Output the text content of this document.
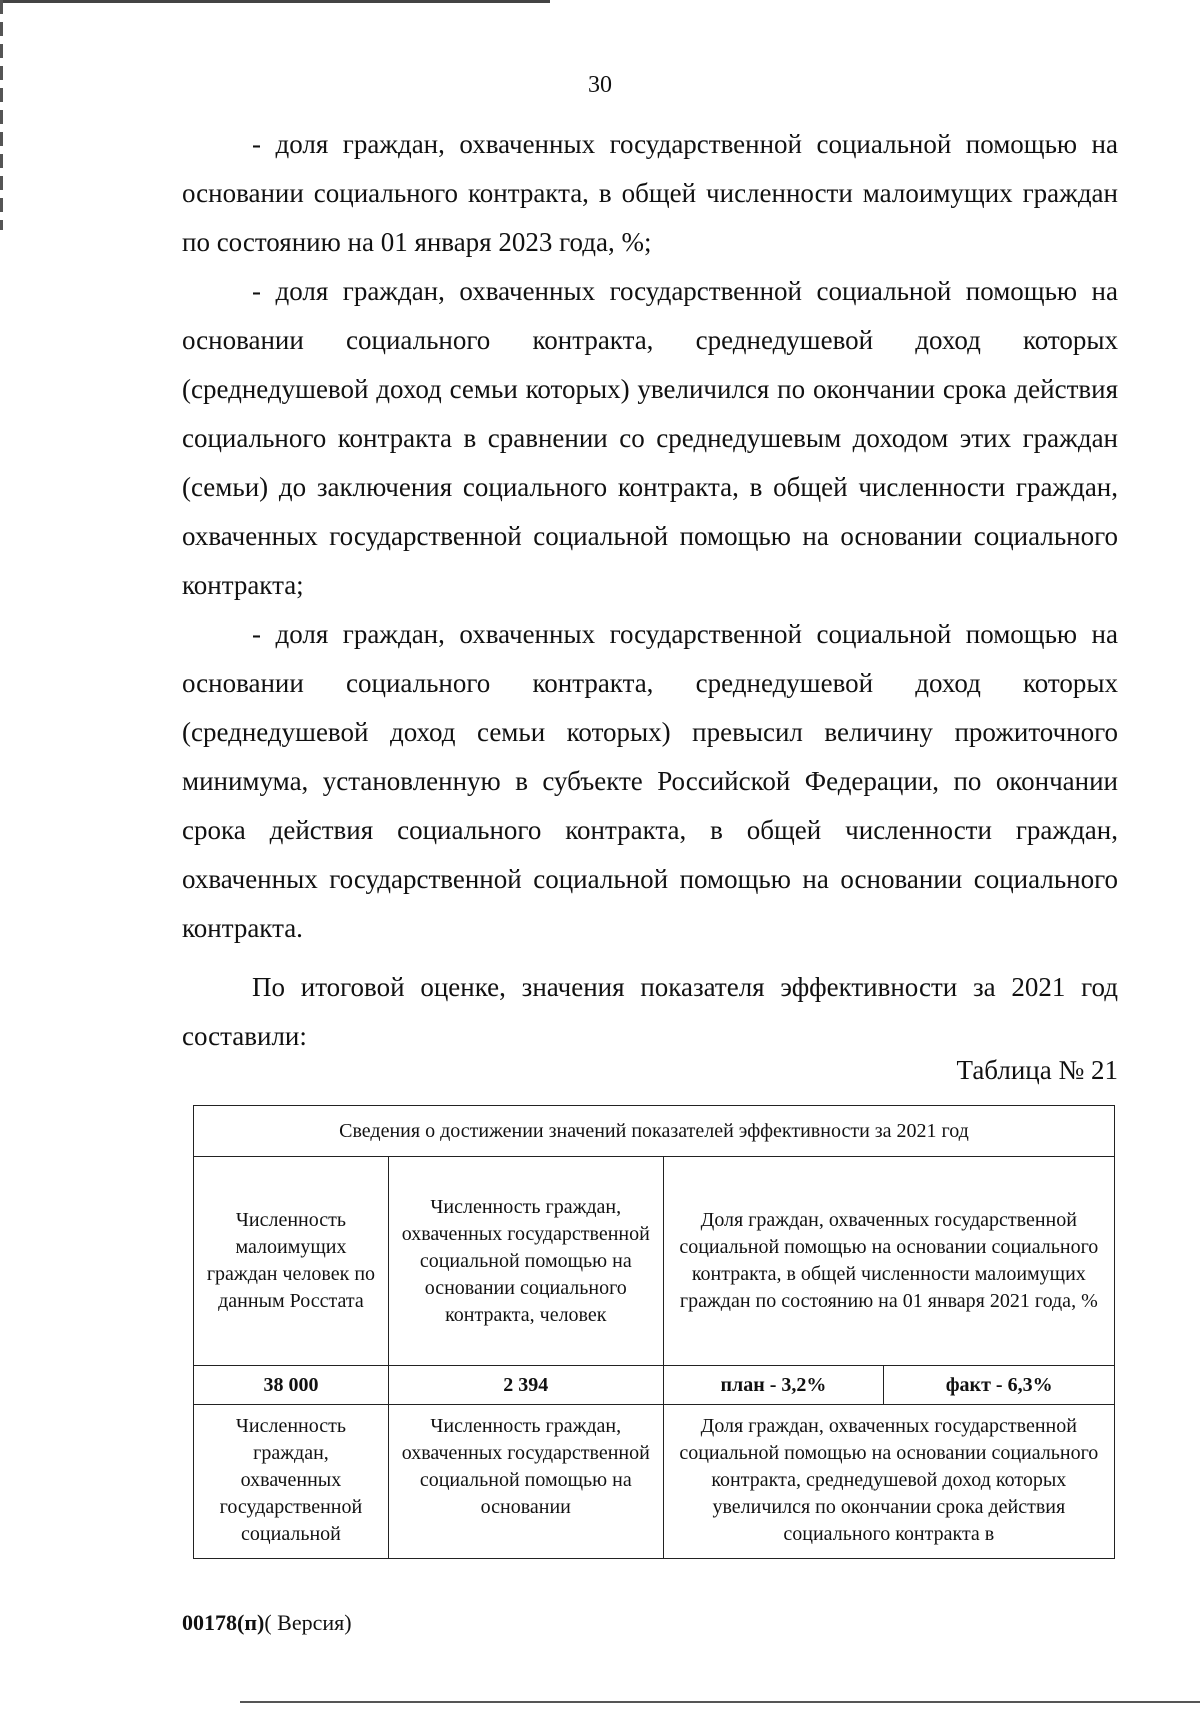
30

- доля граждан, охваченных государственной социальной помощью на основании социального контракта, в общей численности малоимущих граждан по состоянию на 01 января 2023 года, %;

- доля граждан, охваченных государственной социальной помощью на основании социального контракта, среднедушевой доход которых (среднедушевой доход семьи которых) увеличился по окончании срока действия социального контракта в сравнении со среднедушевым доходом этих граждан (семьи) до заключения социального контракта, в общей численности граждан, охваченных государственной социальной помощью на основании социального контракта;

- доля граждан, охваченных государственной социальной помощью на основании социального контракта, среднедушевой доход которых (среднедушевой доход семьи которых) превысил величину прожиточного минимума, установленную в субъекте Российской Федерации, по окончании срока действия социального контракта, в общей численности граждан, охваченных государственной социальной помощью на основании социального контракта.

По итоговой оценке, значения показателя эффективности за 2021 год составили:

Таблица № 21
Сведения о достижении значений показателей эффективности за 2021 год			
Численность малоимущих граждан человек по данным Росстата	Численность граждан, охваченных государственной социальной помощью на основании социального контракта, человек	Доля граждан, охваченных государственной социальной помощью на основании социального контракта, в общей численности малоимущих граждан по состоянию на 01 января 2021 года, %	
38 000	2 394	план - 3,2%	факт - 6,3%
Численность граждан, охваченных государственной социальной	Численность граждан, охваченных государственной социальной помощью на основании	Доля граждан, охваченных государственной социальной помощью на основании социального контракта, среднедушевой доход которых увеличился по окончании срока действия социального контракта в	
00178(п)( Версия)
